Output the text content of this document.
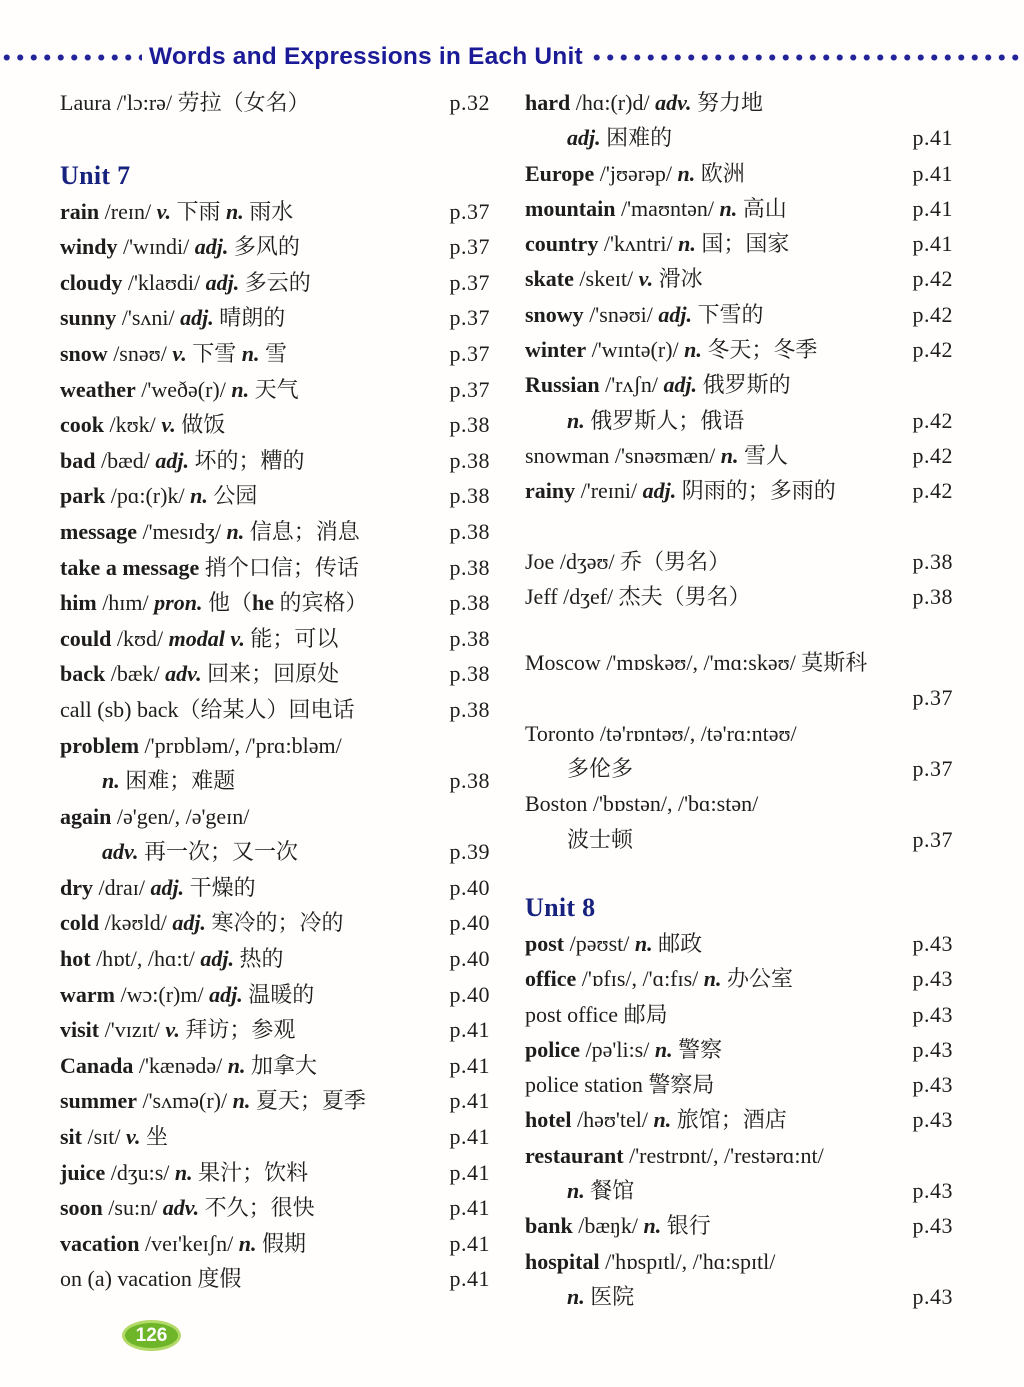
Words and Expressions in Each Unit
Laura /'lɔ:rə/ 劳拉（女名）	p.32
Unit 7
rain /reɪn/ v. 下雨 n. 雨水	p.37
windy /'wɪndi/ adj. 多风的	p.37
cloudy /'klaʊdi/ adj. 多云的	p.37
sunny /'sʌni/ adj. 晴朗的	p.37
snow /snəʊ/ v. 下雪 n. 雪	p.37
weather /'weðə(r)/ n. 天气	p.37
cook /kʊk/ v. 做饭	p.38
bad /bæd/ adj. 坏的；糟的	p.38
park /pɑ:(r)k/ n. 公园	p.38
message /'mesɪdʒ/ n. 信息；消息	p.38
take a message 捎个口信；传话	p.38
him /hɪm/ pron. 他（he 的宾格）	p.38
could /kʊd/ modal v. 能；可以	p.38
back /bæk/ adv. 回来；回原处	p.38
call (sb) back（给某人）回电话	p.38
problem /'prɒbləm/, /'prɑ:bləm/
n. 困难；难题	p.38
again /ə'gen/, /ə'geɪn/
adv. 再一次；又一次	p.39
dry /draɪ/ adj. 干燥的	p.40
cold /kəʊld/ adj. 寒冷的；冷的	p.40
hot /hɒt/, /hɑ:t/ adj. 热的	p.40
warm /wɔ:(r)m/ adj. 温暖的	p.40
visit /'vɪzɪt/ v. 拜访；参观	p.41
Canada /'kænədə/ n. 加拿大	p.41
summer /'sʌmə(r)/ n. 夏天；夏季	p.41
sit /sɪt/ v. 坐	p.41
juice /dʒu:s/ n. 果汁；饮料	p.41
soon /su:n/ adv. 不久；很快	p.41
vacation /veɪ'keɪʃn/ n. 假期	p.41
on (a) vacation 度假	p.41
hard /hɑ:(r)d/ adv. 努力地
adj. 困难的	p.41
Europe /'jʊərəp/ n. 欧洲	p.41
mountain /'maʊntən/ n. 高山	p.41
country /'kʌntri/ n. 国；国家	p.41
skate /skeɪt/ v. 滑冰	p.42
snowy /'snəʊi/ adj. 下雪的	p.42
winter /'wɪntə(r)/ n. 冬天；冬季	p.42
Russian /'rʌʃn/ adj. 俄罗斯的
n. 俄罗斯人；俄语	p.42
snowman /'snəʊmæn/ n. 雪人	p.42
rainy /'reɪni/ adj. 阴雨的；多雨的	p.42
Joe /dʒəʊ/ 乔（男名）	p.38
Jeff /dʒef/ 杰夫（男名）	p.38
Moscow /'mɒskəʊ/, /'mɑ:skəʊ/ 莫斯科
p.37
Toronto /tə'rɒntəʊ/, /tə'rɑ:ntəʊ/
多伦多	p.37
Boston /'bɒstən/, /'bɑ:stən/
波士顿	p.37
Unit 8
post /pəʊst/ n. 邮政	p.43
office /'ɒfɪs/, /'ɑ:fɪs/ n. 办公室	p.43
post office 邮局	p.43
police /pə'li:s/ n. 警察	p.43
police station 警察局	p.43
hotel /həʊ'tel/ n. 旅馆；酒店	p.43
restaurant /'restrɒnt/, /'restərɑ:nt/
n. 餐馆	p.43
bank /bæŋk/ n. 银行	p.43
hospital /'hɒspɪtl/, /'hɑ:spɪtl/
n. 医院	p.43
126
